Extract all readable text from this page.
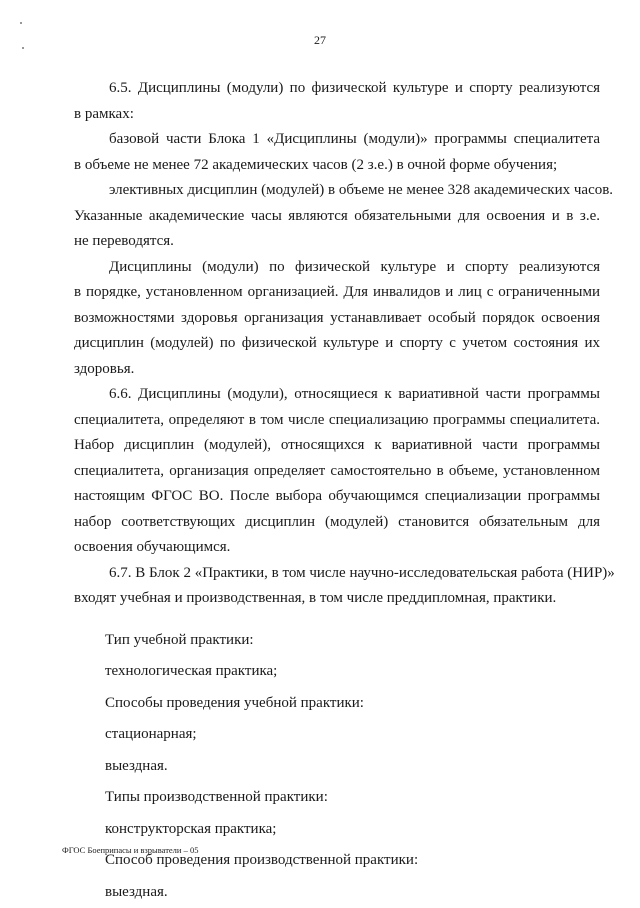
27

6.5. Дисциплины (модули) по физической культуре и спорту реализуются
в рамках:

базовой части Блока 1 «Дисциплины (модули)» программы специалитета
в объеме не менее 72 академических часов (2 з.е.) в очной форме обучения;

элективных дисциплин (модулей) в объеме не менее 328 академических часов.
Указанные академические часы являются обязательными для освоения и в з.е.
не переводятся.

Дисциплины (модули) по физической культуре и спорту реализуются
в порядке, установленном организацией. Для инвалидов и лиц с ограниченными
возможностями здоровья организация устанавливает особый порядок освоения
дисциплин (модулей) по физической культуре и спорту с учетом состояния их
здоровья.

6.6. Дисциплины (модули), относящиеся к вариативной части программы
специалитета, определяют в том числе специализацию программы специалитета.
Набор дисциплин (модулей), относящихся к вариативной части программы
специалитета, организация определяет самостоятельно в объеме, установленном
настоящим ФГОС ВО. После выбора обучающимся специализации программы
набор соответствующих дисциплин (модулей) становится обязательным для
освоения обучающимся.

6.7. В Блок 2 «Практики, в том числе научно-исследовательская работа (НИР)»
входят учебная и производственная, в том числе преддипломная, практики.

Тип учебной практики:
технологическая практика;
Способы проведения учебной практики:
стационарная;
выездная.
Типы производственной практики:
конструкторская практика;
Способ проведения производственной практики:
выездная.
ФГОС Боеприпасы и взрыватели – 05
